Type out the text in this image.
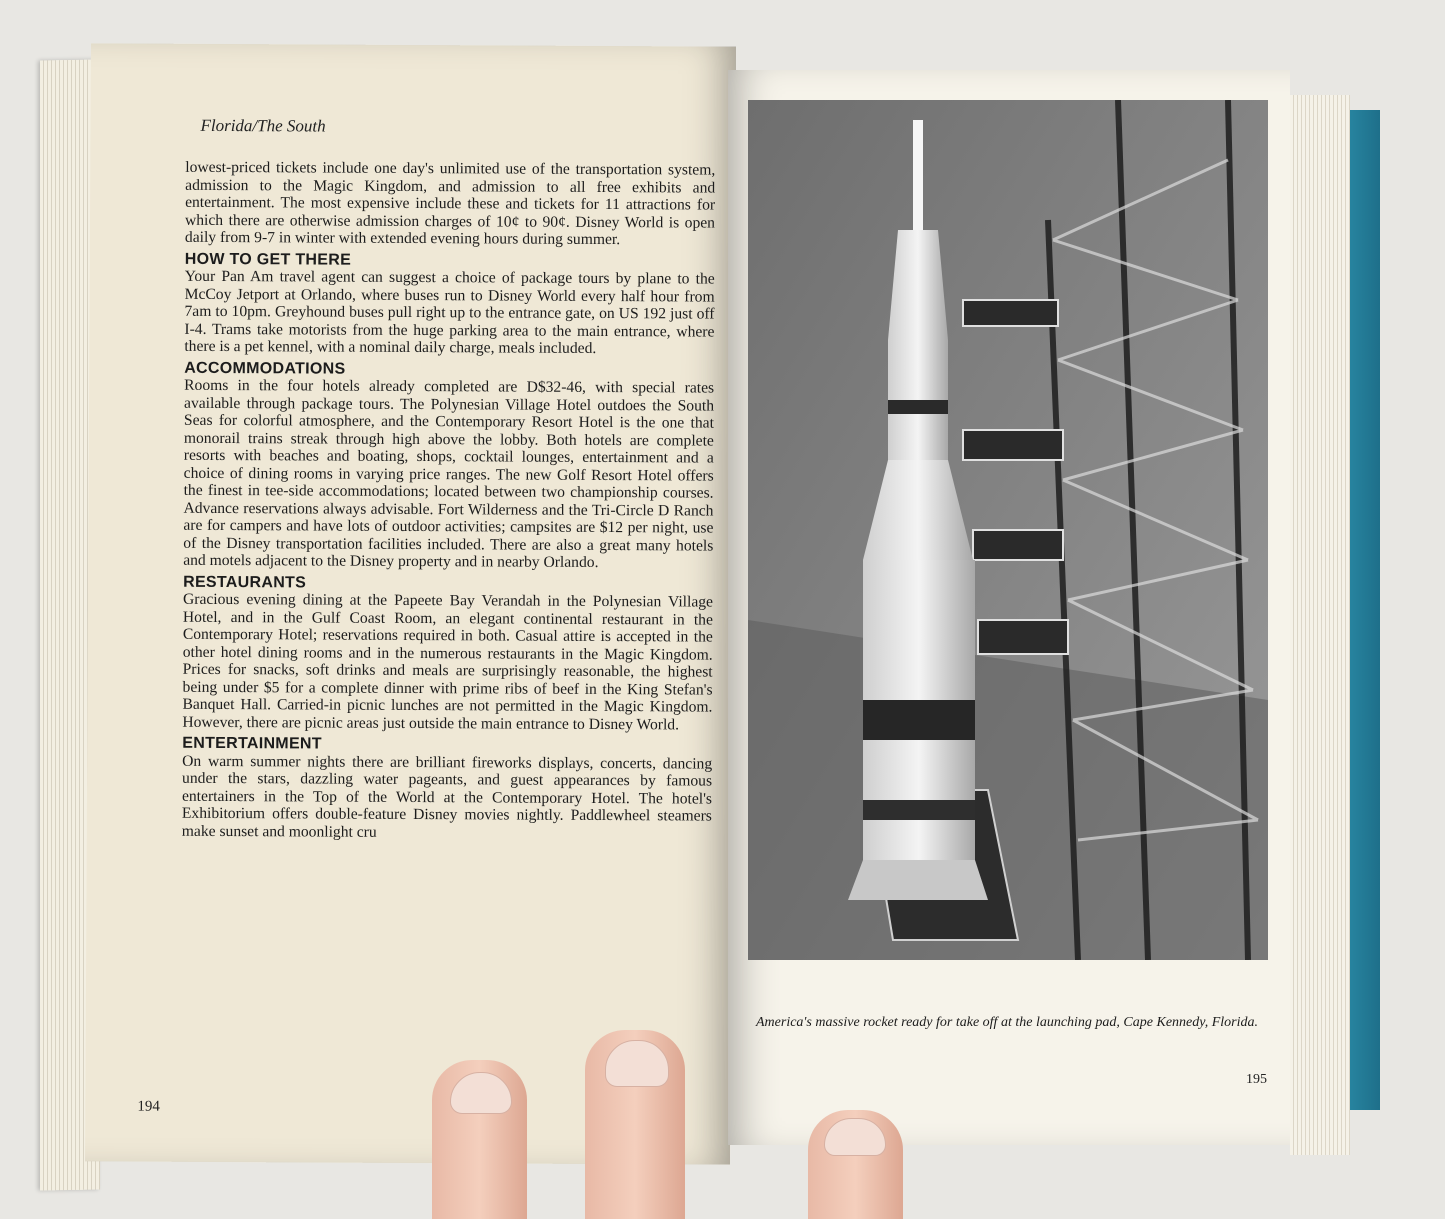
Florida/The South

lowest-priced tickets include one day's unlimited use of the transportation system, admission to the Magic Kingdom, and admission to all free exhibits and entertainment. The most expensive include these and tickets for 11 attractions for which there are otherwise admission charges of 10¢ to 90¢. Disney World is open daily from 9-7 in winter with extended evening hours during summer.

HOW TO GET THERE

Your Pan Am travel agent can suggest a choice of package tours by plane to the McCoy Jetport at Orlando, where buses run to Disney World every half hour from 7am to 10pm. Greyhound buses pull right up to the entrance gate, on US 192 just off I-4. Trams take motorists from the huge parking area to the main entrance, where there is a pet kennel, with a nominal daily charge, meals included.

ACCOMMODATIONS

Rooms in the four hotels already completed are D$32-46, with special rates available through package tours. The Polynesian Village Hotel outdoes the South Seas for colorful atmosphere, and the Contemporary Resort Hotel is the one that monorail trains streak through high above the lobby. Both hotels are complete resorts with beaches and boating, shops, cocktail lounges, entertainment and a choice of dining rooms in varying price ranges. The new Golf Resort Hotel offers the finest in tee-side accommodations; located between two championship courses. Advance reservations always advisable. Fort Wilderness and the Tri-Circle D Ranch are for campers and have lots of outdoor activities; campsites are $12 per night, use of the Disney transportation facilities included. There are also a great many hotels and motels adjacent to the Disney property and in nearby Orlando.

RESTAURANTS

Gracious evening dining at the Papeete Bay Verandah in the Polynesian Village Hotel, and in the Gulf Coast Room, an elegant continental restaurant in the Contemporary Hotel; reservations required in both. Casual attire is accepted in the other hotel dining rooms and in the numerous restaurants in the Magic Kingdom. Prices for snacks, soft drinks and meals are surprisingly reasonable, the highest being under $5 for a complete dinner with prime ribs of beef in the King Stefan's Banquet Hall. Carried-in picnic lunches are not permitted in the Magic Kingdom. However, there are picnic areas just outside the main entrance to Disney World.

ENTERTAINMENT

On warm summer nights there are brilliant fireworks displays, concerts, dancing under the stars, dazzling water pageants, and guest appearances by famous entertainers in the Top of the World at the Contemporary Hotel. The hotel's Exhibitorium offers double-feature Disney movies nightly. Paddlewheel steamers make sunset and moonlight cru

194
America's massive rocket ready for take off at the launching pad, Cape Kennedy, Florida.
195
